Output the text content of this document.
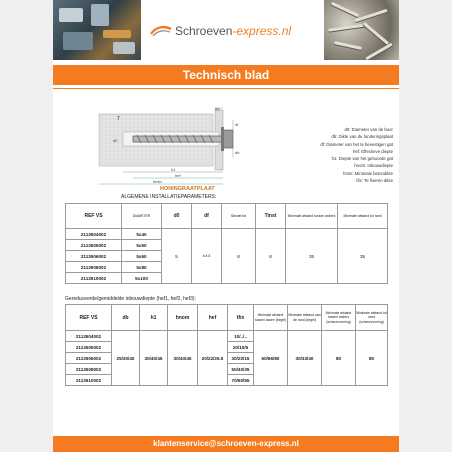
Schroeven-express.nl
Technisch blad
T
h1
hef
hmin
df
db
tfix
d0
d0: Diameter van de boor
db: Dikte van de funderingsplaat
df: Diameter van het te bevestigen gat
hef: Effectieve diepte
h1: Diepte van het geboorde gat
hnom: Inbouwdiepte
hmin: Minimale betondikte
tfix: Te fixeren dikte
HONINGRAATPLAAT
ALGEMENE INSTALLATIEPARAMETERS:
REF VS	DIAMETER	d0	df	Steutel tot	Tinst	Minimale afstand tussen ankers	Minimale afstand tot rand
2113504002	5x40	5	6 à 8	8	8	35	35
2113505002	5x50						
2113506002	5x60						
2113508002	5x80						
2113510002	5x100						
Gereduceerde/gemiddelde inbouwdiepte (hef1, hef2, hef3):
REF VS	db	h1	hnom	hef	tfix	Minimale afstand tussen assen (kegel)	Minimale afstand aan de rand (kegel)	Minimale afstand tussen ankers (scheurvorming)	Minimale afstand tot rand (scheurvorming)
2113504002	25/30/40	30/40/45	30/40/45	20/22/26.5	10/../..	60/66/80	30/33/40	80	80
2113505002					20/10/5				
2113506002					30/20/15				
2113508002					50/40/35				
2113510002					70/60/55				
klantenservice@schroeven-express.nl
